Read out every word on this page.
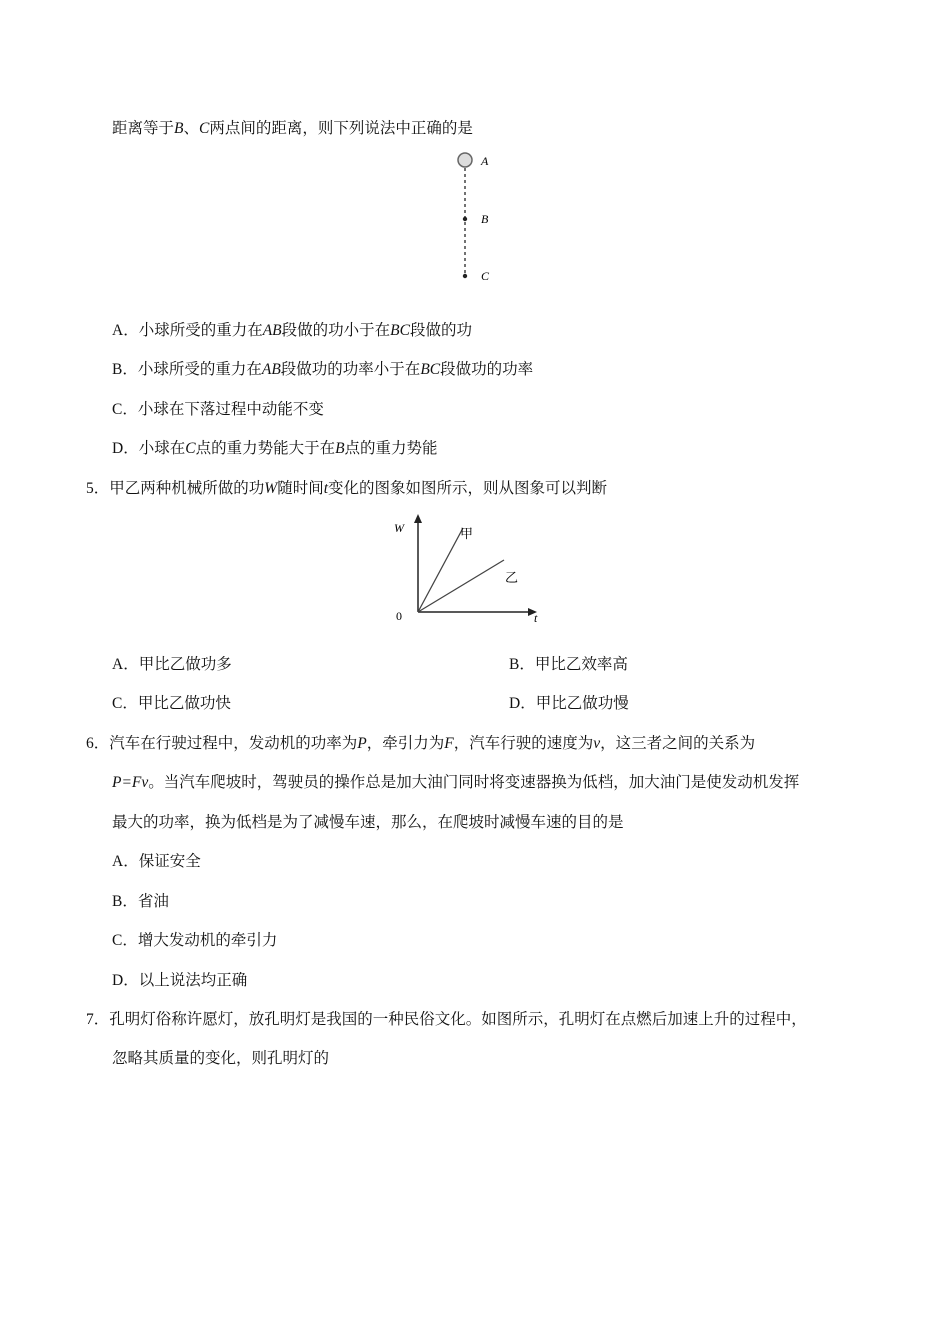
距离等于B、C两点间的距离，则下列说法中正确的是
A
B
C
A．小球所受的重力在AB段做的功小于在BC段做的功
B．小球所受的重力在AB段做功的功率小于在BC段做功的功率
C．小球在下落过程中动能不变
D．小球在C点的重力势能大于在B点的重力势能
5．甲乙两种机械所做的功W随时间t变化的图象如图所示，则从图象可以判断
W
t
0
甲
乙
A．甲比乙做功多	B．甲比乙效率高
C．甲比乙做功快	D．甲比乙做功慢
6．汽车在行驶过程中，发动机的功率为P，牵引力为F，汽车行驶的速度为v，这三者之间的关系为
P=Fv。当汽车爬坡时，驾驶员的操作总是加大油门同时将变速器换为低档，加大油门是使发动机发挥
最大的功率，换为低档是为了减慢车速，那么，在爬坡时减慢车速的目的是
A．保证安全
B．省油
C．增大发动机的牵引力
D．以上说法均正确
7．孔明灯俗称许愿灯，放孔明灯是我国的一种民俗文化。如图所示，孔明灯在点燃后加速上升的过程中，
忽略其质量的变化，则孔明灯的
